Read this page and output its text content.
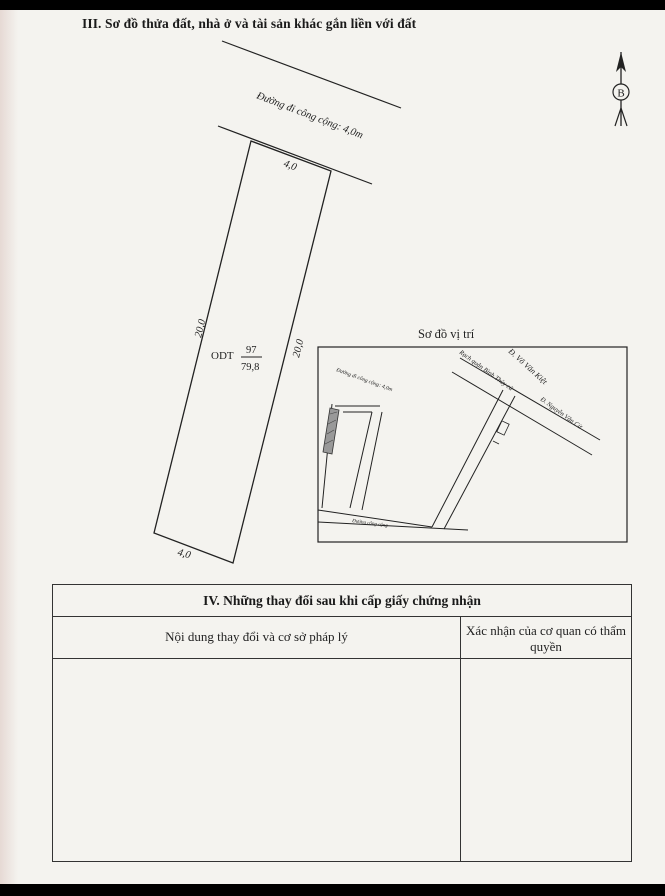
III. Sơ đồ thửa đất, nhà ở và tài sản khác gắn liền với đất
B
Đường đi công cộng: 4,0m
4,0
20,0
20,0
4,0
ODT 97
79,8
Sơ đồ vị trí
Đường đi công cộng: 4,0m	Đ. Võ Văn Kiệt
Rạch quận Bình Thủy cũ
Đ. Nguyễn Văn Cừ
Đường công cộng
IV. Những thay đổi sau khi cấp giấy chứng nhận
Nội dung thay đổi và cơ sở pháp lý	Xác nhận của cơ quan có thẩm quyền
